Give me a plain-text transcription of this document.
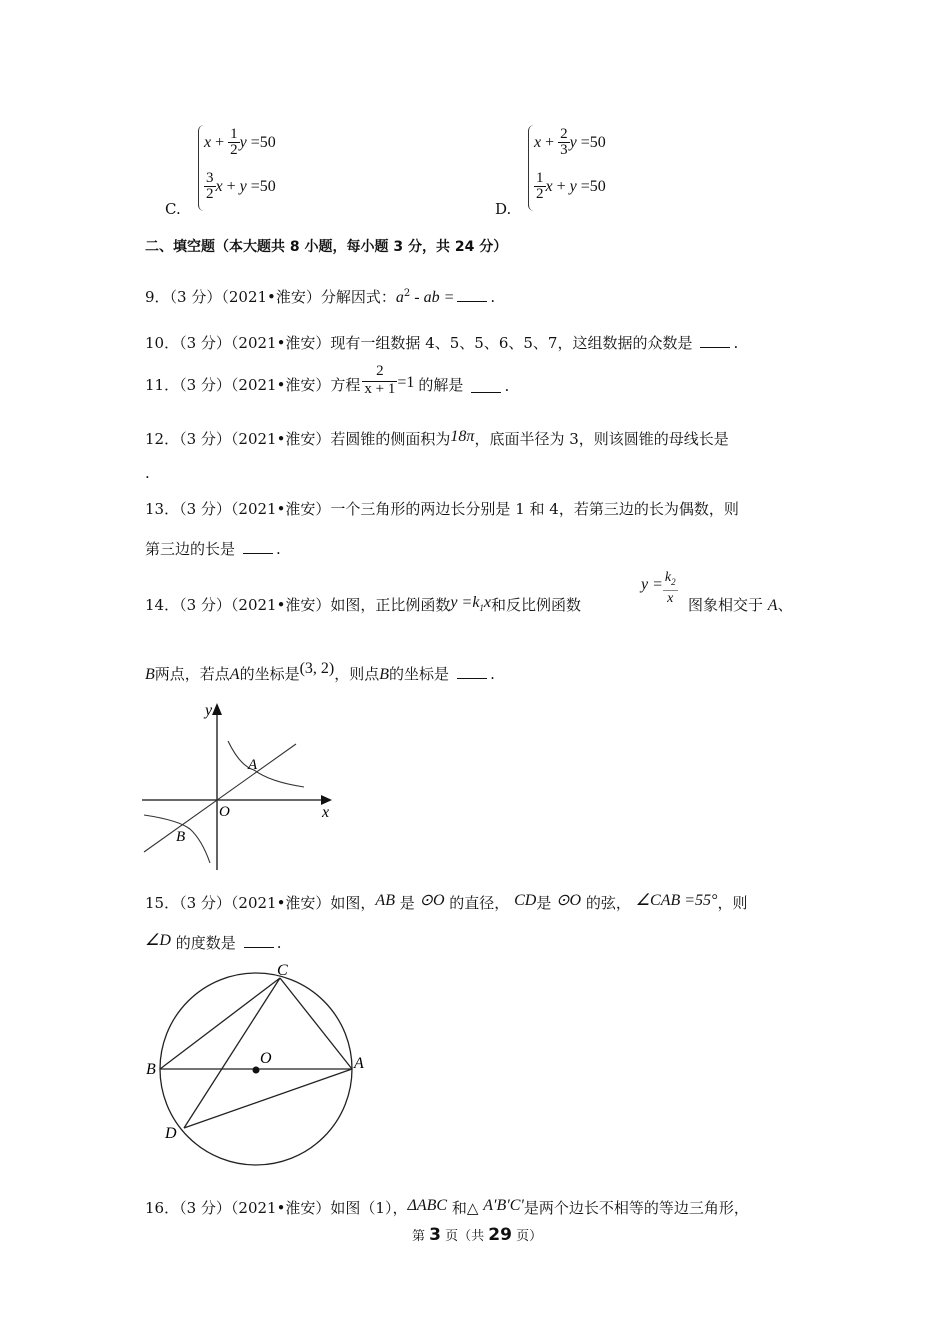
C.
x
+
$\frac{1}{2}$ y
=50
$\frac{3}{2}$ x
+
y
=50
D.
x
+
$\frac{2}{3}$ y
=50
$\frac{1}{2}$ x
+
y
=50
二、填空题（本大题共 8 小题，每小题 3 分，共 24 分）
9．（3 分）（2021•淮安）分解因式：$a^2$ - ab = .
10．（3 分）（2021•淮安）现有一组数据 4、5、5、6、5、7，这组数据的众数是	.
11．（3 分）（2021•淮安）方程 $\frac{2}{x + 1} =1$ 的解是	.
12．（3 分）（2021•淮安）若圆锥的侧面积为18π，底面半径为 3，则该圆锥的母线长是
.
13．（3 分）（2021•淮安）一个三角形的两边长分别是 1 和 4，若第三边的长为偶数，则
第三边的长是	.
14．（3 分）（2021•淮安）如图，正比例函数$y =k_1x$和反比例函数
$y = \frac{k_2}{x}$ 图象相交于 A、
B两点，若点A的坐标是(3, 2)，则点B的坐标是	.
y
x
O
A
B
15．（3 分）（2021•淮安）如图，AB 是 ⊙O 的直径， CD是 ⊙O 的弦， ∠CAB =55°，则
∠D 的度数是	.
C
B	A
O
D
16．（3 分）（2021•淮安）如图（1），ΔABC 和△ A′B′C′是两个边长不相等的等边三角形，
第 3 页（共 29 页）
